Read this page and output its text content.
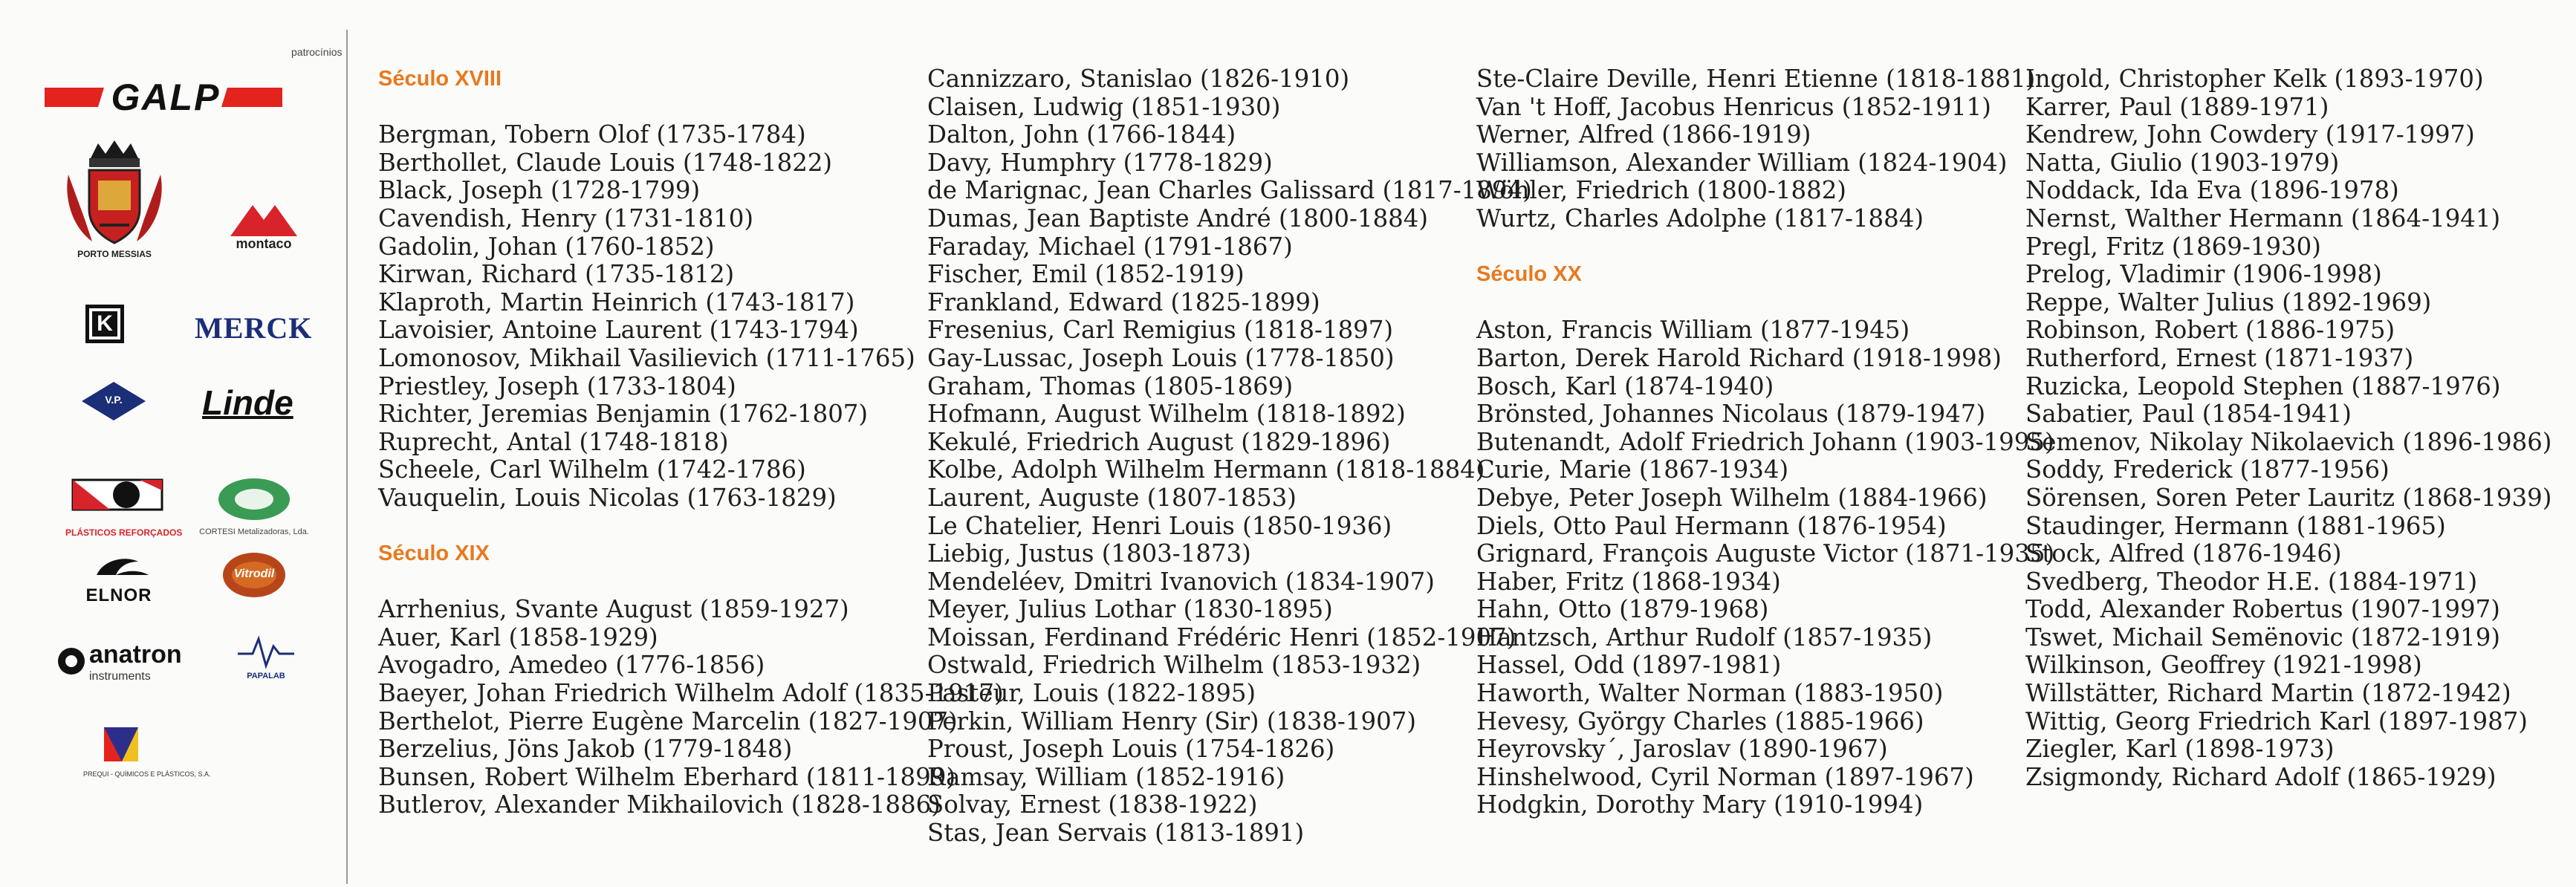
patrocínios
GALP
PORTO MESSIAS
montaco
K	MERCK
V.P.	Linde
PLÁSTICOS REFORÇADOS	CORTESI Metalizadoras, Lda.
ELNOR
Vitrodil
anatron
instruments	PAPALAB
PREQUI - QUÍMICOS E PLÁSTICOS, S.A.
Século XVIII
Bergman, Tobern Olof (1735-1784)
Berthollet, Claude Louis (1748-1822)
Black, Joseph (1728-1799)
Cavendish, Henry (1731-1810)
Gadolin, Johan (1760-1852)
Kirwan, Richard (1735-1812)
Klaproth, Martin Heinrich (1743-1817)
Lavoisier, Antoine Laurent (1743-1794)
Lomonosov, Mikhail Vasilievich (1711-1765)
Priestley, Joseph (1733-1804)
Richter, Jeremias Benjamin (1762-1807)
Ruprecht, Antal (1748-1818)
Scheele, Carl Wilhelm (1742-1786)
Vauquelin, Louis Nicolas (1763-1829)
Século XIX
Arrhenius, Svante August (1859-1927)
Auer, Karl (1858-1929)
Avogadro, Amedeo (1776-1856)
Baeyer, Johan Friedrich Wilhelm Adolf (1835-1917)
Berthelot, Pierre Eugène Marcelin (1827-1907)
Berzelius, Jöns Jakob (1779-1848)
Bunsen, Robert Wilhelm Eberhard (1811-1899)
Butlerov, Alexander Mikhailovich (1828-1886)
Cannizzaro, Stanislao (1826-1910)
Claisen, Ludwig (1851-1930)
Dalton, John (1766-1844)
Davy, Humphry (1778-1829)
de Marignac, Jean Charles Galissard (1817-1894)
Dumas, Jean Baptiste André (1800-1884)
Faraday, Michael (1791-1867)
Fischer, Emil (1852-1919)
Frankland, Edward (1825-1899)
Fresenius, Carl Remigius (1818-1897)
Gay-Lussac, Joseph Louis (1778-1850)
Graham, Thomas (1805-1869)
Hofmann, August Wilhelm (1818-1892)
Kekulé, Friedrich August (1829-1896)
Kolbe, Adolph Wilhelm Hermann (1818-1884)
Laurent, Auguste (1807-1853)
Le Chatelier, Henri Louis (1850-1936)
Liebig, Justus (1803-1873)
Mendeléev, Dmitri Ivanovich (1834-1907)
Meyer, Julius Lothar (1830-1895)
Moissan, Ferdinand Frédéric Henri (1852-1907)
Ostwald, Friedrich Wilhelm (1853-1932)
Pasteur, Louis (1822-1895)
Perkin, William Henry (Sir) (1838-1907)
Proust, Joseph Louis (1754-1826)
Ramsay, William (1852-1916)
Solvay, Ernest (1838-1922)
Stas, Jean Servais (1813-1891)
Ste-Claire Deville, Henri Etienne (1818-1881)
Van 't Hoff, Jacobus Henricus (1852-1911)
Werner, Alfred (1866-1919)
Williamson, Alexander William (1824-1904)
Wöhler, Friedrich (1800-1882)
Wurtz, Charles Adolphe (1817-1884)
Século XX
Aston, Francis William (1877-1945)
Barton, Derek Harold Richard (1918-1998)
Bosch, Karl (1874-1940)
Brönsted, Johannes Nicolaus (1879-1947)
Butenandt, Adolf Friedrich Johann (1903-1995)
Curie, Marie (1867-1934)
Debye, Peter Joseph Wilhelm (1884-1966)
Diels, Otto Paul Hermann (1876-1954)
Grignard, François Auguste Victor (1871-1935)
Haber, Fritz (1868-1934)
Hahn, Otto (1879-1968)
Hantzsch, Arthur Rudolf (1857-1935)
Hassel, Odd (1897-1981)
Haworth, Walter Norman (1883-1950)
Hevesy, György Charles (1885-1966)
Heyrovsky´, Jaroslav (1890-1967)
Hinshelwood, Cyril Norman (1897-1967)
Hodgkin, Dorothy Mary (1910-1994)
Ingold, Christopher Kelk (1893-1970)
Karrer, Paul (1889-1971)
Kendrew, John Cowdery (1917-1997)
Natta, Giulio (1903-1979)
Noddack, Ida Eva (1896-1978)
Nernst, Walther Hermann (1864-1941)
Pregl, Fritz (1869-1930)
Prelog, Vladimir (1906-1998)
Reppe, Walter Julius (1892-1969)
Robinson, Robert (1886-1975)
Rutherford, Ernest (1871-1937)
Ruzicka, Leopold Stephen (1887-1976)
Sabatier, Paul (1854-1941)
Semenov, Nikolay Nikolaevich (1896-1986)
Soddy, Frederick (1877-1956)
Sörensen, Soren Peter Lauritz (1868-1939)
Staudinger, Hermann (1881-1965)
Stock, Alfred (1876-1946)
Svedberg, Theodor H.E. (1884-1971)
Todd, Alexander Robertus (1907-1997)
Tswet, Michail Semënovic (1872-1919)
Wilkinson, Geoffrey (1921-1998)
Willstätter, Richard Martin (1872-1942)
Wittig, Georg Friedrich Karl (1897-1987)
Ziegler, Karl (1898-1973)
Zsigmondy, Richard Adolf (1865-1929)
